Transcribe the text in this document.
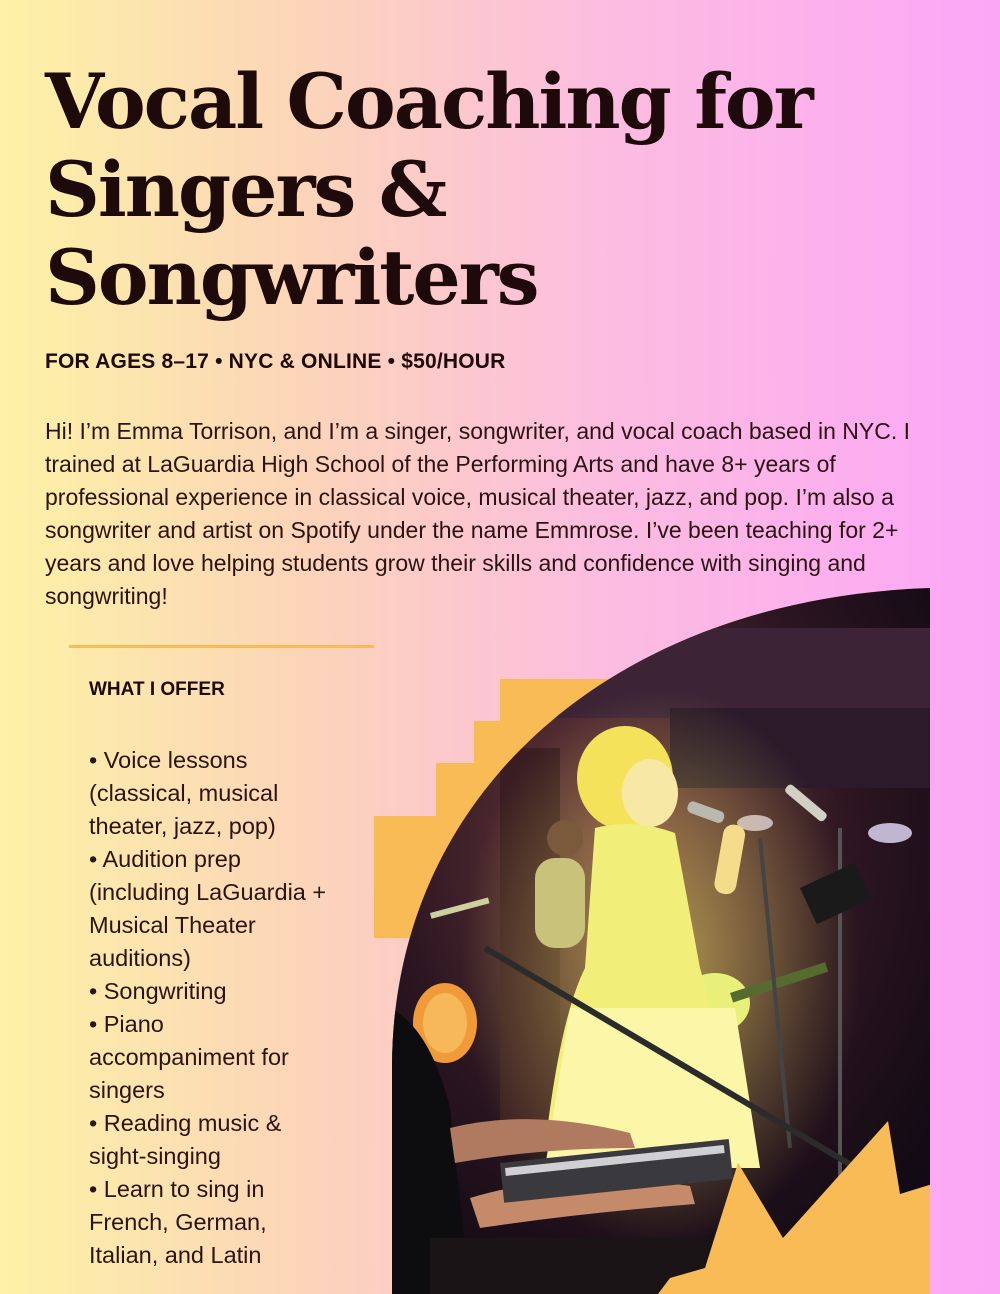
Vocal Coaching for Singers & Songwriters

FOR AGES 8–17 • NYC & ONLINE • $50/HOUR

Hi! I’m Emma Torrison, and I’m a singer, songwriter, and vocal coach based in NYC. I trained at LaGuardia High School of the Performing Arts and have 8+ years of professional experience in classical voice, musical theater, jazz, and pop. I’m also a songwriter and artist on Spotify under the name Emmrose. I’ve been teaching for 2+ years and love helping students grow their skills and confidence with singing and songwriting!

WHAT I OFFER

• Voice lessons (classical, musical theater, jazz, pop)
• Audition prep (including LaGuardia + Musical Theater auditions)
• Songwriting
• Piano accompaniment for singers
• Reading music & sight-singing
• Learn to sing in French, German, Italian, and Latin
